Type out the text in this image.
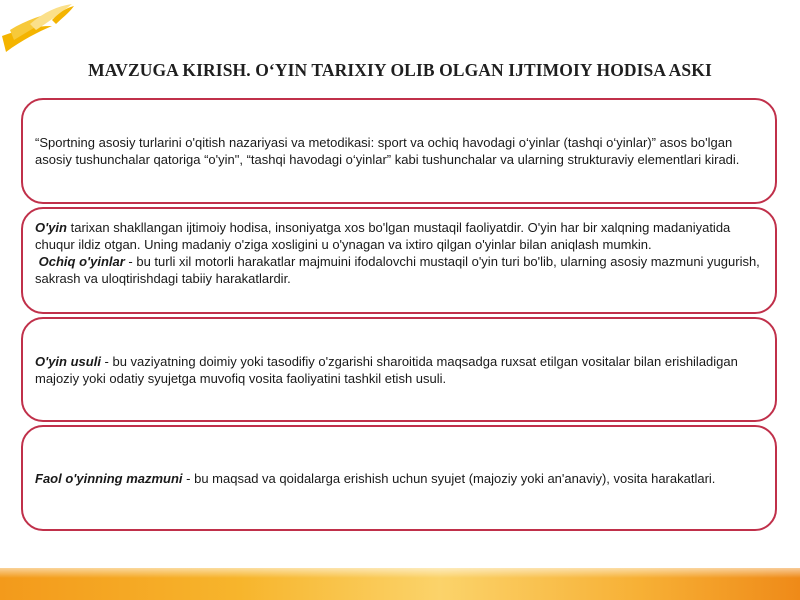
MAVZUGA KIRISH. O‘YIN TARIXIY OLIB OLGAN IJTIMOIY HODISA ASKI
“Sportning asosiy turlarini o'qitish nazariyasi va metodikasi: sport va ochiq havodagi o‘yinlar (tashqi o‘yinlar)” asos bo'lgan asosiy tushunchalar qatoriga “o'yin", “tashqi havodagi o‘yinlar” kabi tushunchalar va ularning strukturaviy elementlari kiradi.
O'yin tarixan shakllangan ijtimoiy hodisa, insoniyatga xos bo'lgan mustaqil faoliyatdir. O'yin har bir xalqning madaniyatida chuqur ildiz otgan. Uning madaniy o'ziga xosligini u o'ynagan va ixtiro qilgan o'yinlar bilan aniqlash mumkin.
Ochiq o'yinlar - bu turli xil motorli harakatlar majmuini ifodalovchi mustaqil o'yin turi bo'lib, ularning asosiy mazmuni yugurish, sakrash va uloqtirishdagi tabiiy harakatlardir.
O'yin usuli - bu vaziyatning doimiy yoki tasodifiy o'zgarishi sharoitida maqsadga ruxsat etilgan vositalar bilan erishiladigan majoziy yoki odatiy syujetga muvofiq vosita faoliyatini tashkil etish usuli.
Faol o'yinning mazmuni - bu maqsad va qoidalarga erishish uchun syujet (majoziy yoki an'anaviy), vosita harakatlari.
